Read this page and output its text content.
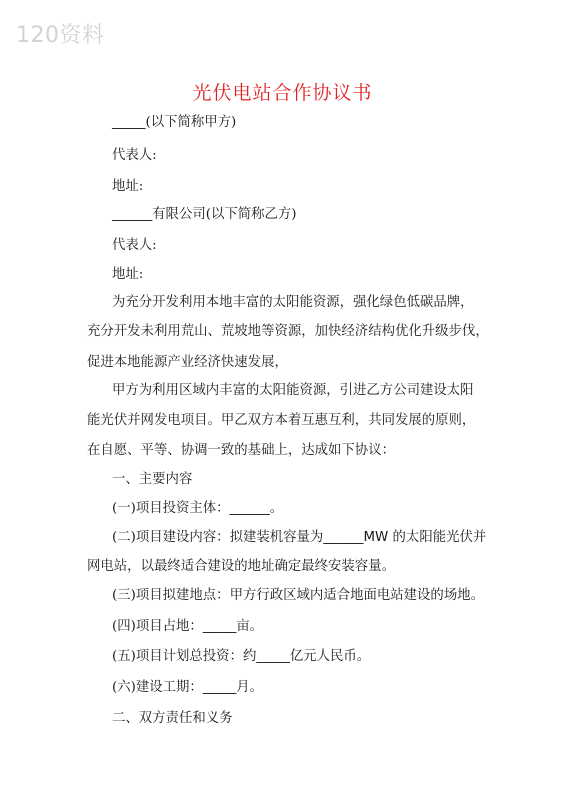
120资料
光伏电站合作协议书
_____(以下简称甲方)
代表人:
地址:
______有限公司(以下简称乙方)
代表人:
地址:
为充分开发利用本地丰富的太阳能资源，强化绿色低碳品牌，
充分开发未利用荒山、荒坡地等资源，加快经济结构优化升级步伐，
促进本地能源产业经济快速发展，
甲方为利用区域内丰富的太阳能资源，引进乙方公司建设太阳
能光伏并网发电项目。甲乙双方本着互惠互利，共同发展的原则，
在自愿、平等、协调一致的基础上，达成如下协议：
一、主要内容
(一)项目投资主体：______。
(二)项目建设内容：拟建装机容量为______MW 的太阳能光伏并
网电站，以最终适合建设的地址确定最终安装容量。
(三)项目拟建地点：甲方行政区域内适合地面电站建设的场地。
(四)项目占地：_____亩。
(五)项目计划总投资：约_____亿元人民币。
(六)建设工期：_____月。
二、双方责任和义务
